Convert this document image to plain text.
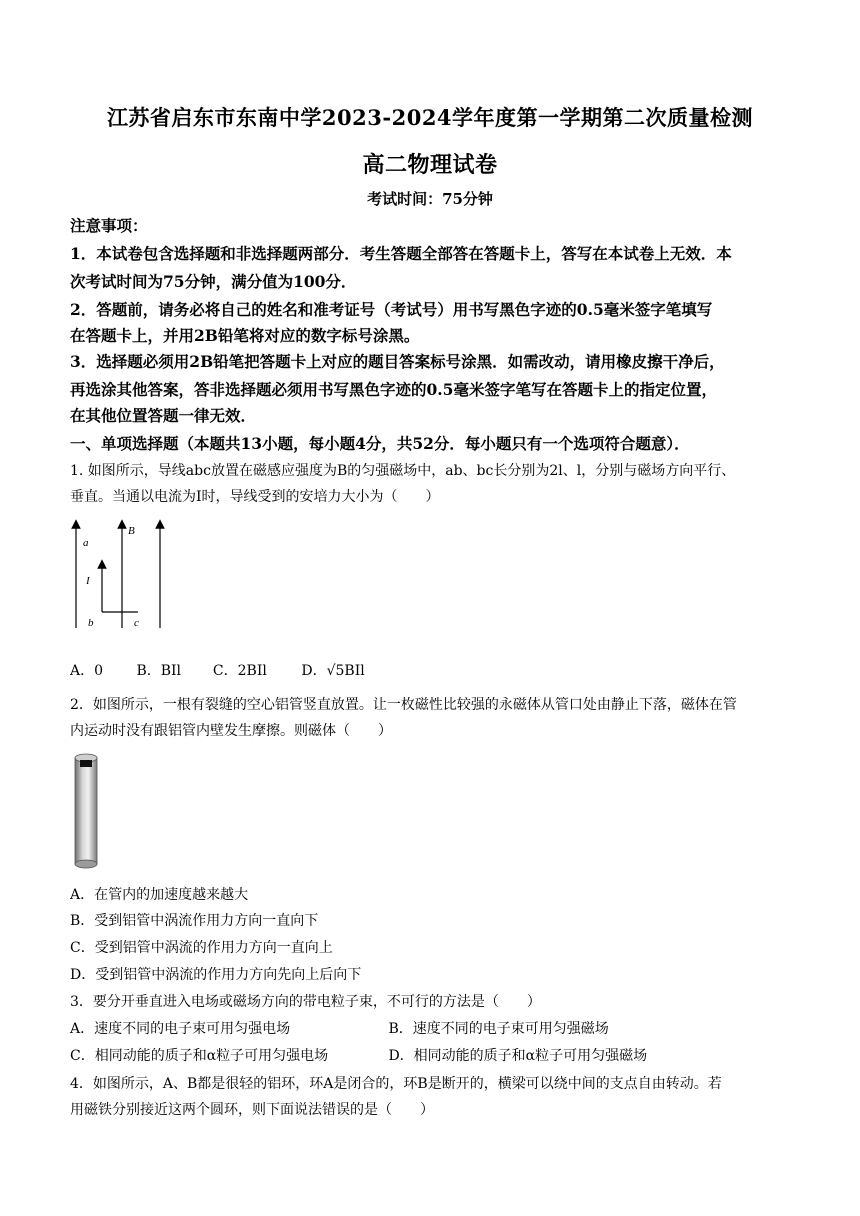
江苏省启东市东南中学2023-2024学年度第一学期第二次质量检测
高二物理试卷
考试时间：75分钟
注意事项：
1．本试卷包含选择题和非选择题两部分．考生答题全部答在答题卡上，答写在本试卷上无效．本
次考试时间为75分钟，满分值为100分．
2．答题前，请务必将自己的姓名和准考证号（考试号）用书写黑色字迹的0.5毫米签字笔填写
在答题卡上，并用2B铅笔将对应的数字标号涂黑。
3．选择题必须用2B铅笔把答题卡上对应的题目答案标号涂黑．如需改动，请用橡皮擦干净后，
再选涂其他答案，答非选择题必须用书写黑色字迹的0.5毫米签字笔写在答题卡上的指定位置，
在其他位置答题一律无效．
一、单项选择题（本题共13小题，每小题4分，共52分．每小题只有一个选项符合题意）．
1. 如图所示，导线abc放置在磁感应强度为B的匀强磁场中，ab、bc长分别为2l、l，分别与磁场方向平行、
垂直。当通以电流为I时，导线受到的安培力大小为（　　）
a
B
I
b	c
A．0 B．BIl C．2BIl D．√5BIl
2．如图所示，一根有裂缝的空心铝管竖直放置。让一枚磁性比较强的永磁体从管口处由静止下落，磁体在管
内运动时没有跟铝管内壁发生摩擦。则磁体（　　）
A．在管内的加速度越来越大
B．受到铝管中涡流作用力方向一直向下
C．受到铝管中涡流的作用力方向一直向上
D．受到铝管中涡流的作用力方向先向上后向下
3．要分开垂直进入电场或磁场方向的带电粒子束，不可行的方法是（　　）
A．速度不同的电子束可用匀强电场	B．速度不同的电子束可用匀强磁场
C．相同动能的质子和α粒子可用匀强电场	D．相同动能的质子和α粒子可用匀强磁场
4．如图所示，A、B都是很轻的铝环，环A是闭合的，环B是断开的，横梁可以绕中间的支点自由转动。若
用磁铁分别接近这两个圆环，则下面说法错误的是（　　）
